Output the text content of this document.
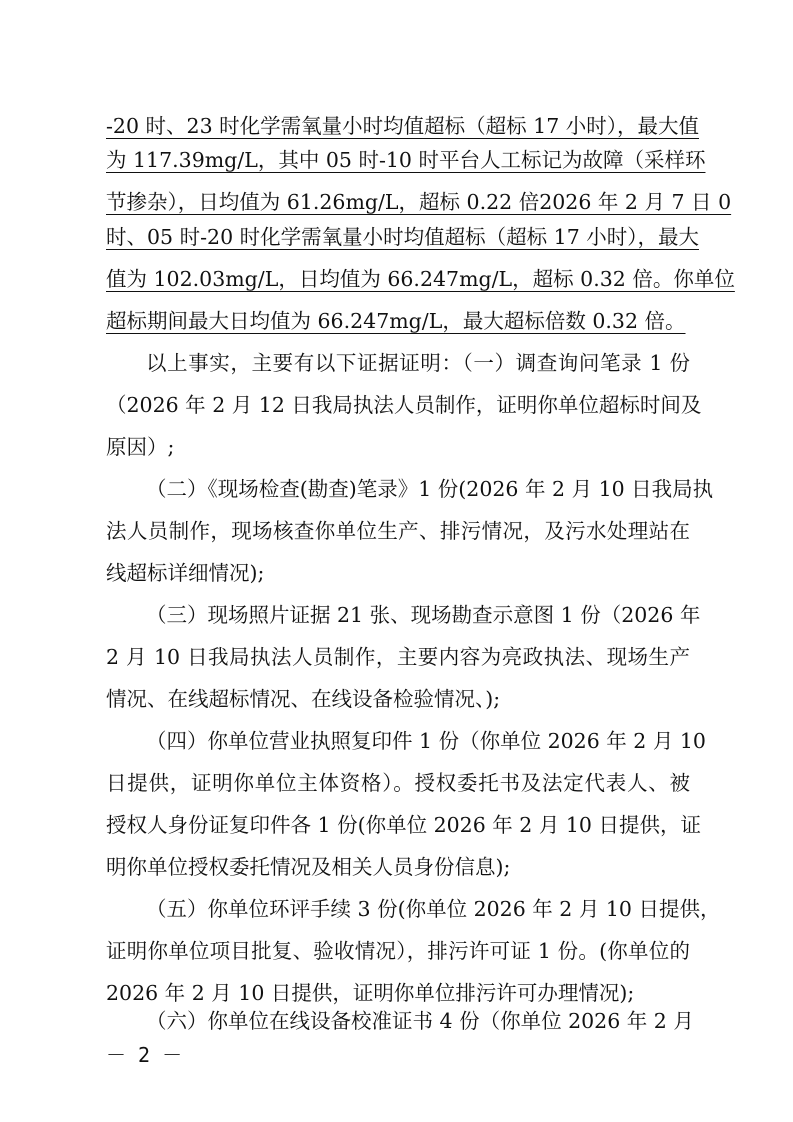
-20 时、23 时化学需氧量小时均值超标（超标 17 小时），最大值
为 117.39mg/L，其中 05 时-10 时平台人工标记为故障（采样环
节掺杂），日均值为 61.26mg/L，超标 0.22 倍2026 年 2 月 7 日 0
时、05 时-20 时化学需氧量小时均值超标（超标 17 小时），最大
值为 102.03mg/L，日均值为 66.247mg/L，超标 0.32 倍。你单位
超标期间最大日均值为 66.247mg/L，最大超标倍数 0.32 倍。
以上事实，主要有以下证据证明：（一）调查询问笔录 1 份
（2026 年 2 月 12 日我局执法人员制作，证明你单位超标时间及
原因）;
（二）《现场检查(勘查)笔录》1 份(2026 年 2 月 10 日我局执
法人员制作，现场核查你单位生产、排污情况，及污水处理站在
线超标详细情况);
（三）现场照片证据 21 张、现场勘查示意图 1 份（2026 年
2 月 10 日我局执法人员制作，主要内容为亮政执法、现场生产
情况、在线超标情况、在线设备检验情况、);
（四）你单位营业执照复印件 1 份（你单位 2026 年 2 月 10
日提供，证明你单位主体资格）。授权委托书及法定代表人、被
授权人身份证复印件各 1 份(你单位 2026 年 2 月 10 日提供，证
明你单位授权委托情况及相关人员身份信息);
（五）你单位环评手续 3 份(你单位 2026 年 2 月 10 日提供，
证明你单位项目批复、验收情况），排污许可证 1 份。(你单位的
2026 年 2 月 10 日提供，证明你单位排污许可办理情况);
（六）你单位在线设备校准证书 4 份（你单位 2026 年 2 月
－ 2 －
